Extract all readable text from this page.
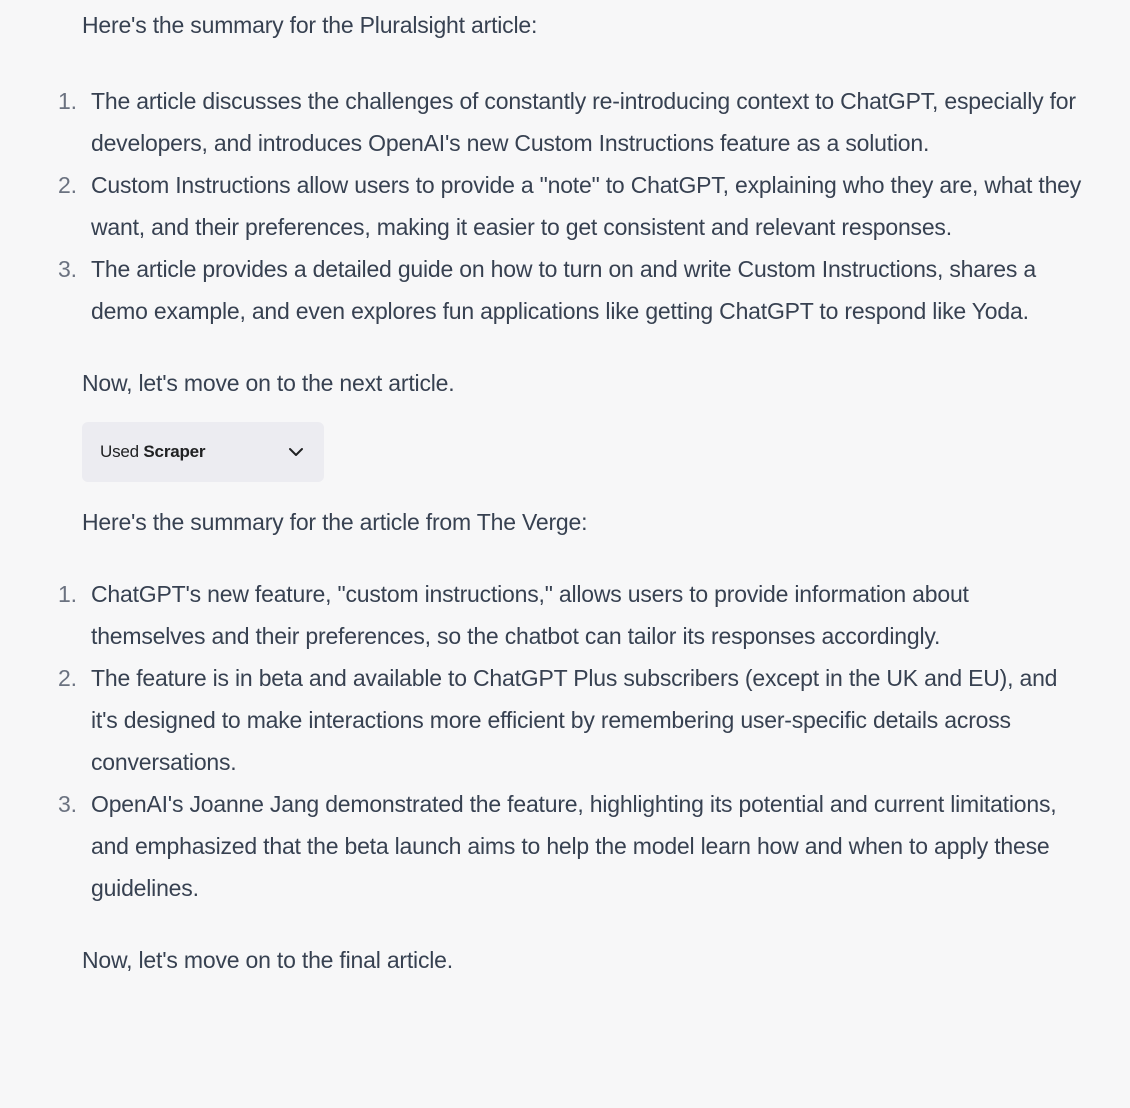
Here's the summary for the Pluralsight article:

1. The article discusses the challenges of constantly re-introducing context to ChatGPT, especially for developers, and introduces OpenAI's new Custom Instructions feature as a solution.
2. Custom Instructions allow users to provide a "note" to ChatGPT, explaining who they are, what they want, and their preferences, making it easier to get consistent and relevant responses.
3. The article provides a detailed guide on how to turn on and write Custom Instructions, shares a demo example, and even explores fun applications like getting ChatGPT to respond like Yoda.

Now, let's move on to the next article.

Used Scraper

Here's the summary for the article from The Verge:

1. ChatGPT's new feature, "custom instructions," allows users to provide information about themselves and their preferences, so the chatbot can tailor its responses accordingly.
2. The feature is in beta and available to ChatGPT Plus subscribers (except in the UK and EU), and it's designed to make interactions more efficient by remembering user-specific details across conversations.
3. OpenAI's Joanne Jang demonstrated the feature, highlighting its potential and current limitations, and emphasized that the beta launch aims to help the model learn how and when to apply these guidelines.

Now, let's move on to the final article.
